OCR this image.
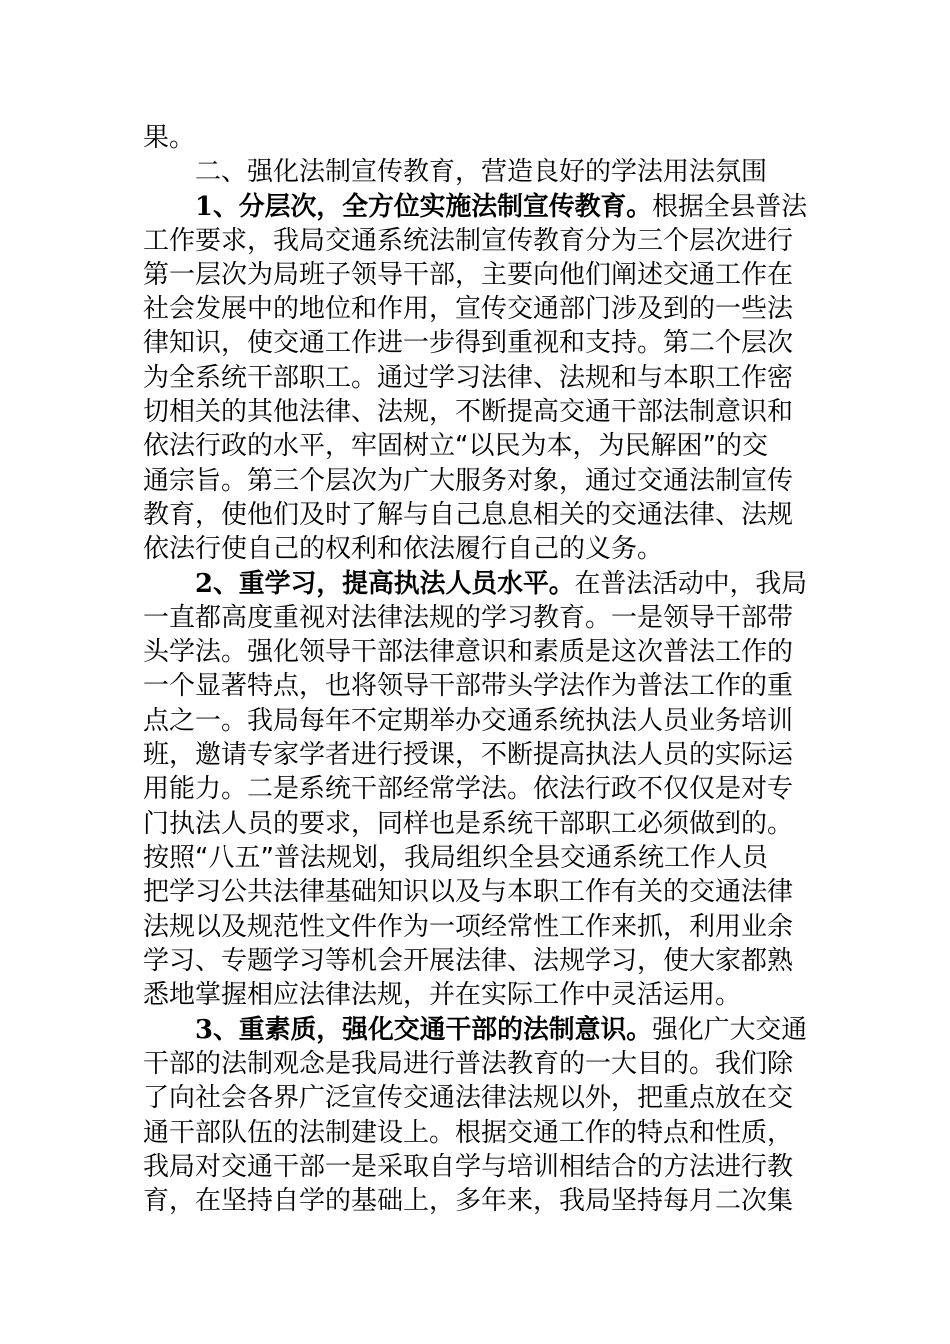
果。
二、强化法制宣传教育，营造良好的学法用法氛围
1、分层次，全方位实施法制宣传教育。根据全县普法
工作要求，我局交通系统法制宣传教育分为三个层次进行
第一层次为局班子领导干部，主要向他们阐述交通工作在
社会发展中的地位和作用，宣传交通部门涉及到的一些法
律知识，使交通工作进一步得到重视和支持。第二个层次
为全系统干部职工。通过学习法律、法规和与本职工作密
切相关的其他法律、法规，不断提高交通干部法制意识和
依法行政的水平，牢固树立“以民为本，为民解困”的交
通宗旨。第三个层次为广大服务对象，通过交通法制宣传
教育，使他们及时了解与自己息息相关的交通法律、法规
依法行使自己的权利和依法履行自己的义务。
2、重学习，提高执法人员水平。在普法活动中，我局
一直都高度重视对法律法规的学习教育。一是领导干部带
头学法。强化领导干部法律意识和素质是这次普法工作的
一个显著特点，也将领导干部带头学法作为普法工作的重
点之一。我局每年不定期举办交通系统执法人员业务培训
班，邀请专家学者进行授课，不断提高执法人员的实际运
用能力。二是系统干部经常学法。依法行政不仅仅是对专
门执法人员的要求，同样也是系统干部职工必须做到的。
按照“八五”普法规划，我局组织全县交通系统工作人员
把学习公共法律基础知识以及与本职工作有关的交通法律
法规以及规范性文件作为一项经常性工作来抓，利用业余
学习、专题学习等机会开展法律、法规学习，使大家都熟
悉地掌握相应法律法规，并在实际工作中灵活运用。
3、重素质，强化交通干部的法制意识。强化广大交通
干部的法制观念是我局进行普法教育的一大目的。我们除
了向社会各界广泛宣传交通法律法规以外，把重点放在交
通干部队伍的法制建设上。根据交通工作的特点和性质，
我局对交通干部一是采取自学与培训相结合的方法进行教
育，在坚持自学的基础上，多年来，我局坚持每月二次集
